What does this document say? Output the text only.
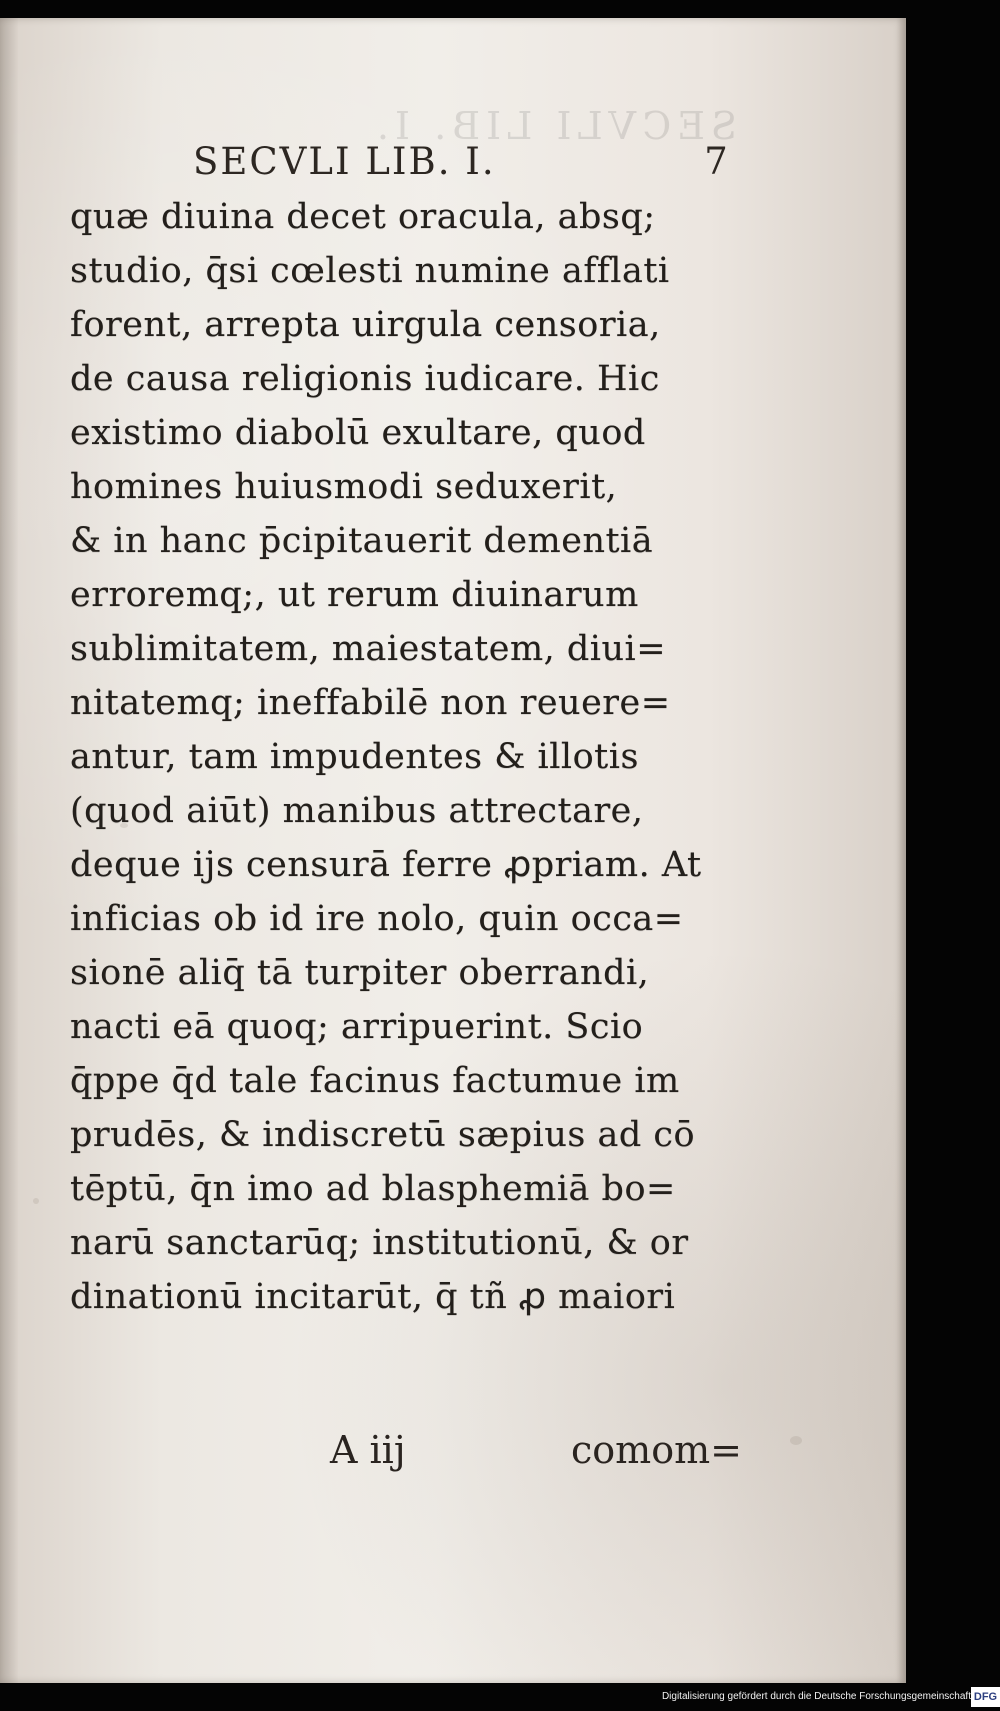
SECVLI LIB. I.
SECVLI LIB. I.	7
quæ diuina decet oracula, absq;
studio, q̄si cœlesti numine afflati
forent, arrepta uirgula censoria,
de causa religionis iudicare. Hic
existimo diabolū exultare, quod
homines huiusmodi seduxerit,
& in hanc p̄cipitauerit dementiā
erroremq;, ut rerum diuinarum
sublimitatem, maiestatem, diui=
nitatemq; ineffabilē non reuere=
antur, tam impudentes & illotis
(quod aiūt) manibus attrectare,
deque ijs censurā ferre ꝓpriam. At
inficias ob id ire nolo, quin occa=
sionē aliq̄ tā turpiter oberrandi,
nacti eā quoq; arripuerint. Scio
q̄ppe q̄d tale facinus factumue im
prudēs, & indiscretū sæpius ad cō
tēptū, q̄n imo ad blasphemiā bo=
narū sanctarūq; institutionū, & or
dinationū incitarūt, q̄ tñ ꝓ maiori
A iij	comom=
Digitalisierung gefördert durch die Deutsche Forschungsgemeinschaft DFG
